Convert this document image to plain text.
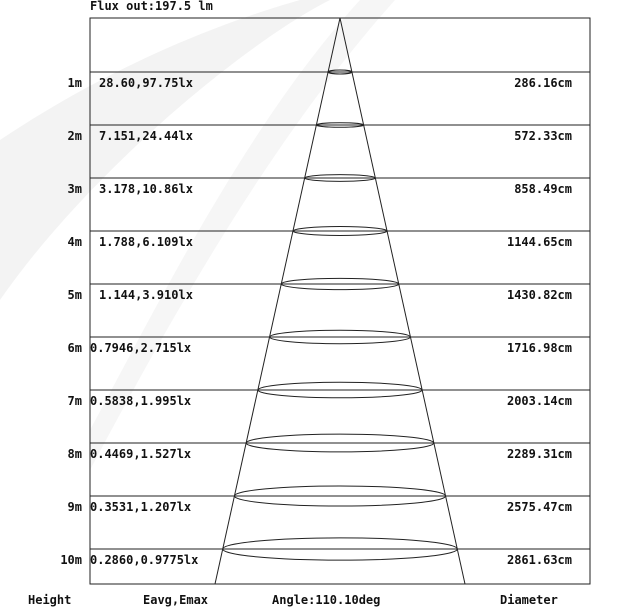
Flux out:197.5 lm
1m 28.60,97.75lx	286.16cm
2m 7.151,24.44lx	572.33cm
3m 3.178,10.86lx	858.49cm
4m 1.788,6.109lx	1144.65cm
5m 1.144,3.910lx	1430.82cm
6m 0.7946,2.715lx	1716.98cm
7m 0.5838,1.995lx	2003.14cm
8m 0.4469,1.527lx	2289.31cm
9m 0.3531,1.207lx	2575.47cm
10m 0.2860,0.9775lx	2861.63cm
Height	Eavg,Emax	Angle:110.10deg	Diameter
